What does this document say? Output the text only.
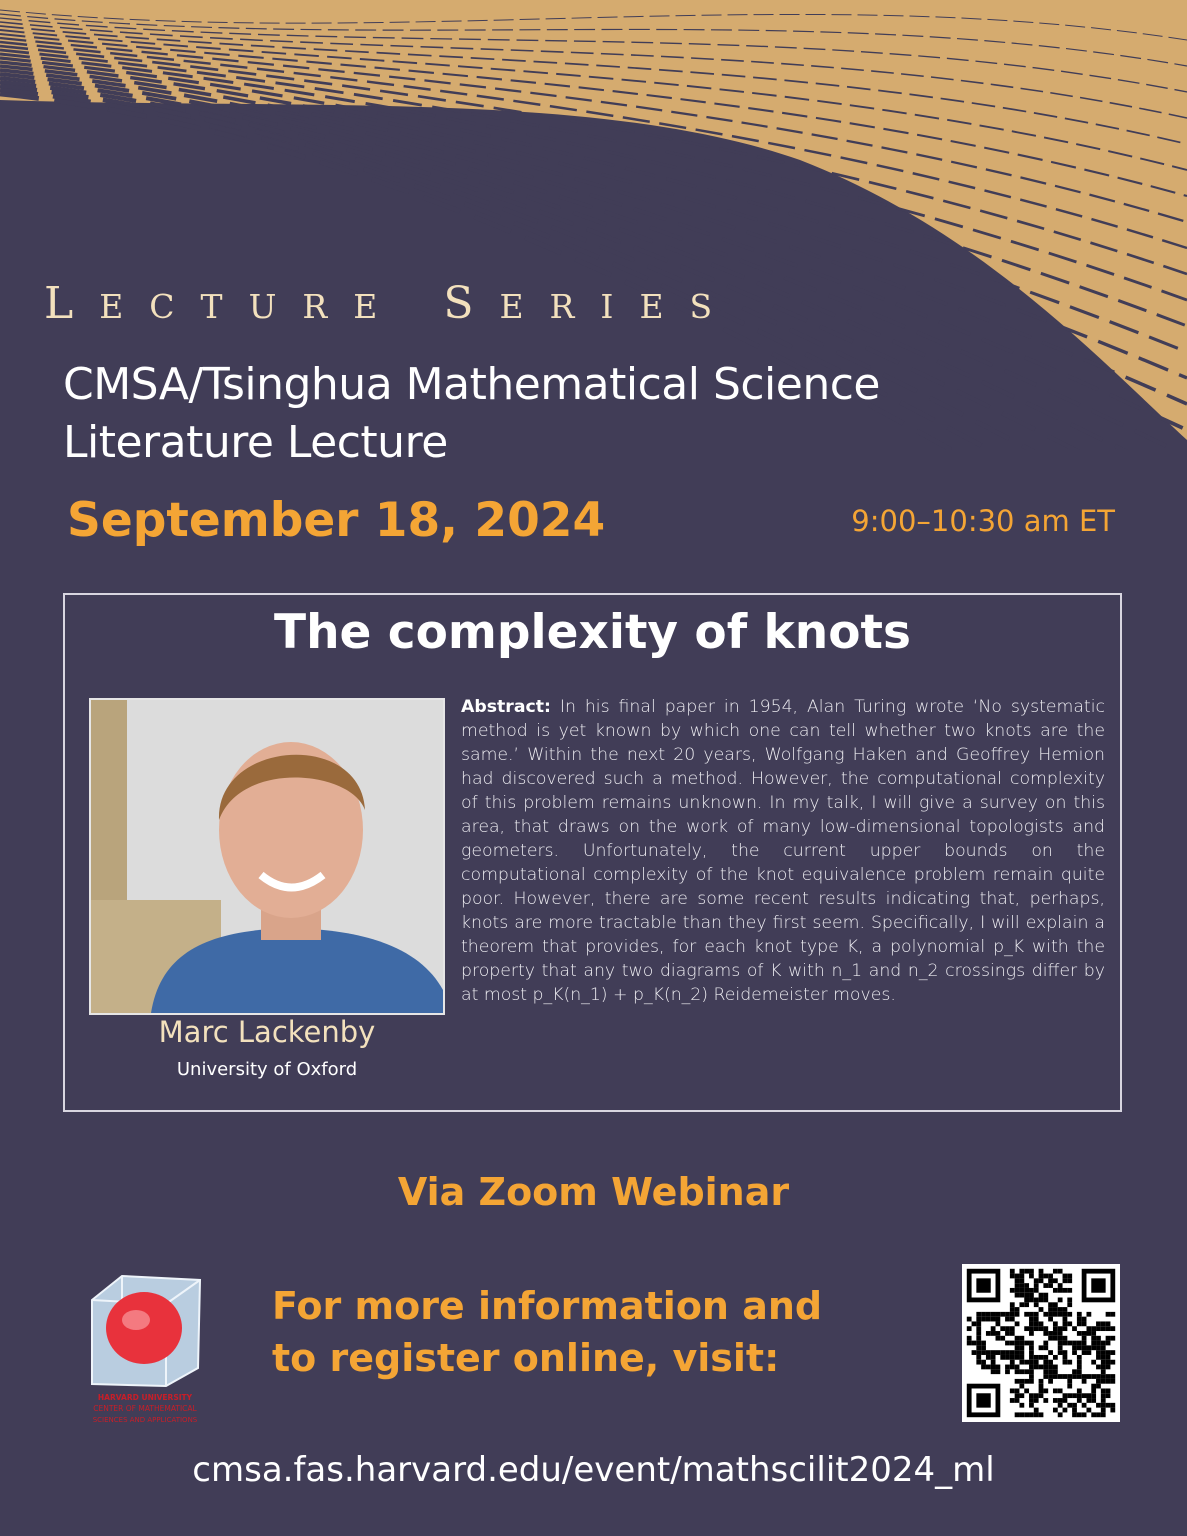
LECTURE SERIES
CMSA/Tsinghua Mathematical Science
Literature Lecture
September 18, 2024	9:00–10:30 am ET
The complexity of knots
Marc Lackenby
University of Oxford
Abstract: In his final paper in 1954, Alan Turing wrote ‘No systematic method is yet known by which one can tell whether two knots are the same.’ Within the next 20 years, Wolfgang Haken and Geoffrey Hemion had discovered such a method. However, the computational complexity of this problem remains unknown. In my talk, I will give a survey on this area, that draws on the work of many low-dimensional topologists and geometers. Unfortunately, the current upper bounds on the computational complexity of the knot equivalence problem remain quite poor. However, there are some recent results indicating that, perhaps, knots are more tractable than they first seem. Specifically, I will explain a theorem that provides, for each knot type K, a polynomial p_K with the property that any two diagrams of K with n_1 and n_2 crossings differ by at most p_K(n_1) + p_K(n_2) Reidemeister moves.
Via Zoom Webinar
HARVARD UNIVERSITY
CENTER OF MATHEMATICAL
SCIENCES AND APPLICATIONS
For more information and
to register online, visit:
cmsa.fas.harvard.edu/event/mathscilit2024_ml
